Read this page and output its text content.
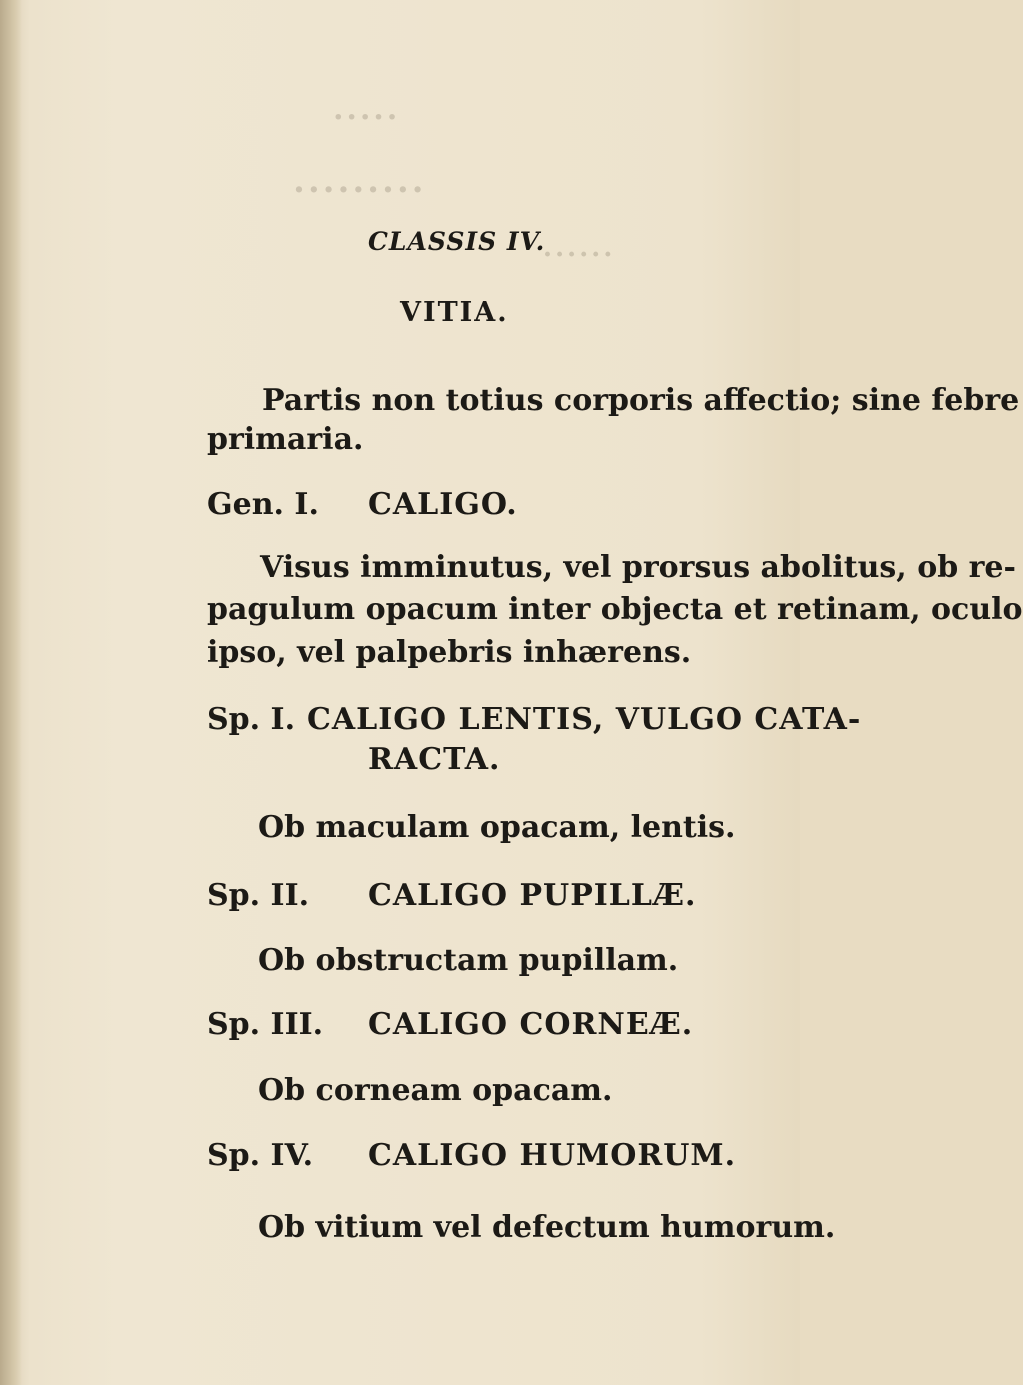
·····
·········
······
CLASSIS IV.
VITIA.
Partis non totius corporis affectio; sine febre
primaria.
Gen. I. CALIGO.
Visus imminutus, vel prorsus abolitus, ob re-
pagulum opacum inter objecta et retinam, oculo
ipso, vel palpebris inhærens.
Sp. I. CALIGO LENTIS, VULGO CATA-
RACTA.
Ob maculam opacam, lentis.
Sp. II. CALIGO PUPILLÆ.
Ob obstructam pupillam.
Sp. III. CALIGO CORNEÆ.
Ob corneam opacam.
Sp. IV. CALIGO HUMORUM.
Ob vitium vel defectum humorum.
